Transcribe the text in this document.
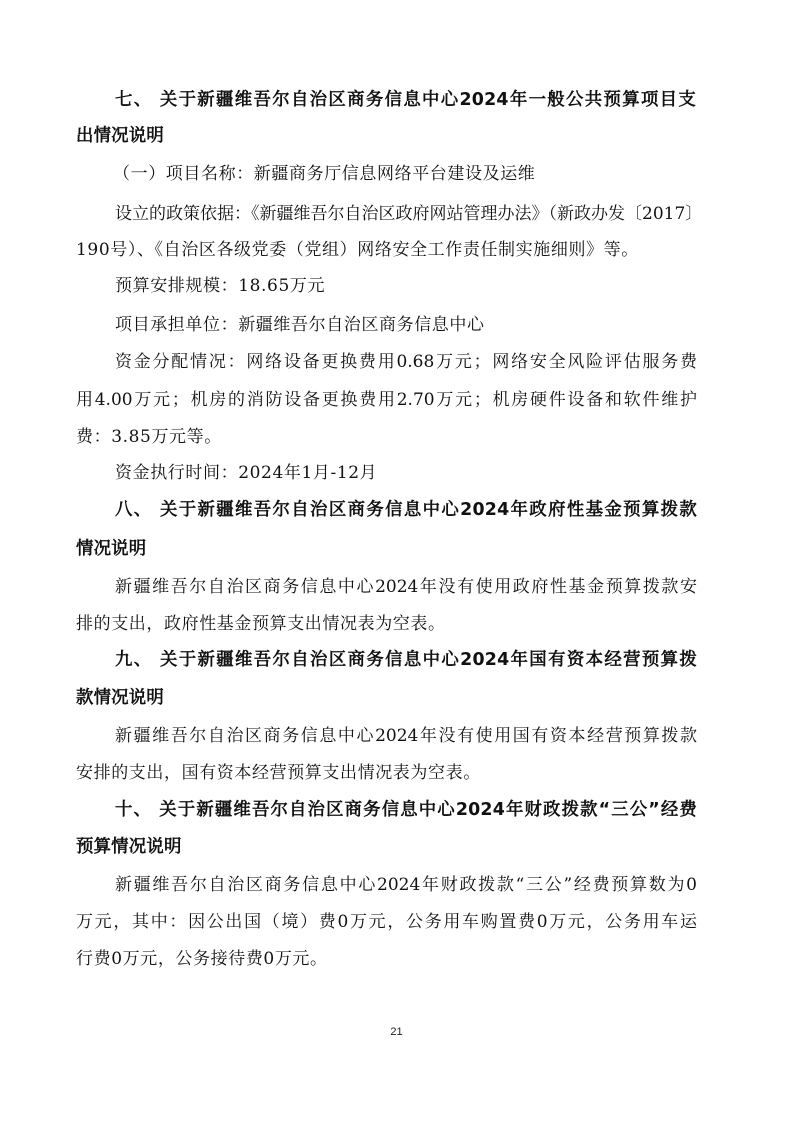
七、 关于新疆维吾尔自治区商务信息中心2024年一般公共预算项目支
出情况说明
（一）项目名称：新疆商务厅信息网络平台建设及运维
设立的政策依据：《新疆维吾尔自治区政府网站管理办法》（新政办发〔2017〕
190号）、《自治区各级党委（党组）网络安全工作责任制实施细则》等。
预算安排规模：18.65万元
项目承担单位：新疆维吾尔自治区商务信息中心
资金分配情况：网络设备更换费用0.68万元；网络安全风险评估服务费
用4.00万元；机房的消防设备更换费用2.70万元；机房硬件设备和软件维护
费：3.85万元等。
资金执行时间：2024年1月-12月
八、 关于新疆维吾尔自治区商务信息中心2024年政府性基金预算拨款
情况说明
新疆维吾尔自治区商务信息中心2024年没有使用政府性基金预算拨款安
排的支出，政府性基金预算支出情况表为空表。
九、 关于新疆维吾尔自治区商务信息中心2024年国有资本经营预算拨
款情况说明
新疆维吾尔自治区商务信息中心2024年没有使用国有资本经营预算拨款
安排的支出，国有资本经营预算支出情况表为空表。
十、 关于新疆维吾尔自治区商务信息中心2024年财政拨款“三公”经费
预算情况说明
新疆维吾尔自治区商务信息中心2024年财政拨款“三公”经费预算数为0
万元，其中：因公出国（境）费0万元，公务用车购置费0万元，公务用车运
行费0万元，公务接待费0万元。
21
